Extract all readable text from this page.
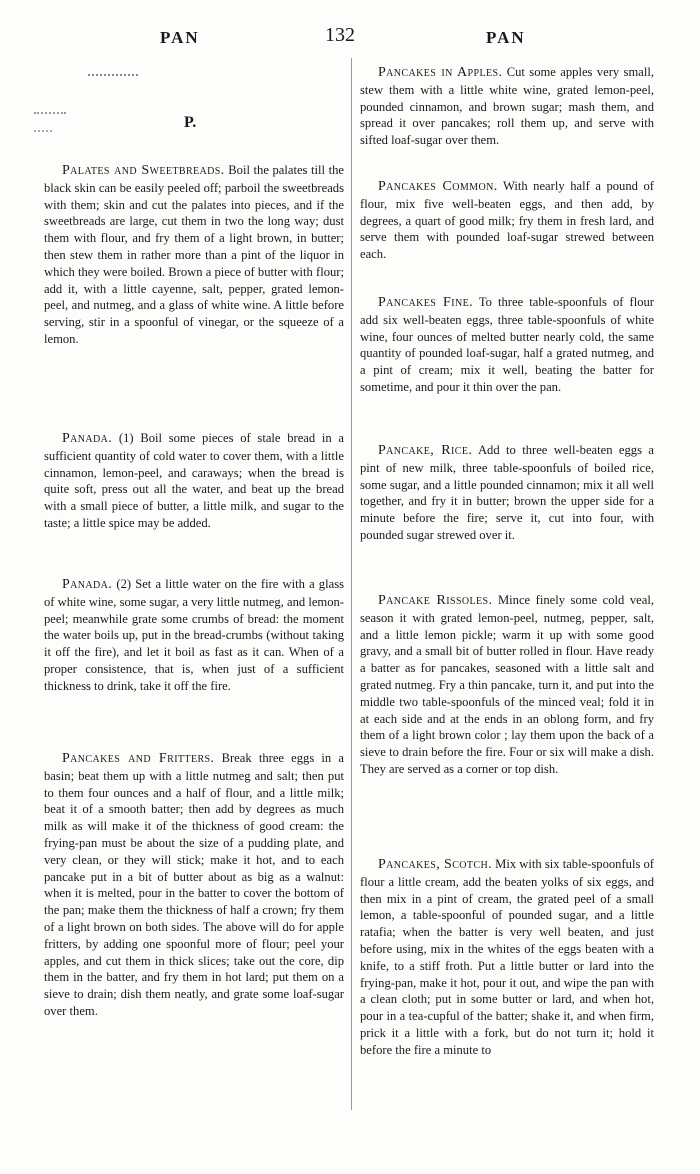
PAN	132	PAN
P.

Palates and Sweetbreads. Boil the palates till the black skin can be easily peeled off; parboil the sweetbreads with them; skin and cut the palates into pieces, and if the sweetbreads are large, cut them in two the long way; dust them with flour, and fry them of a light brown, in butter; then stew them in rather more than a pint of the liquor in which they were boiled. Brown a piece of butter with flour; add it, with a little cayenne, salt, pepper, grated lemon-peel, and nutmeg, and a glass of white wine. A little before serving, stir in a spoonful of vinegar, or the squeeze of a lemon.

Panada. (1) Boil some pieces of stale bread in a sufficient quantity of cold water to cover them, with a little cinnamon, lemon-peel, and caraways; when the bread is quite soft, press out all the water, and beat up the bread with a small piece of butter, a little milk, and sugar to the taste; a little spice may be added.

Panada. (2) Set a little water on the fire with a glass of white wine, some sugar, a very little nutmeg, and lemon-peel; meanwhile grate some crumbs of bread: the moment the water boils up, put in the bread-crumbs (without taking it off the fire), and let it boil as fast as it can. When of a proper consistence, that is, when just of a sufficient thickness to drink, take it off the fire.

Pancakes and Fritters. Break three eggs in a basin; beat them up with a little nutmeg and salt; then put to them four ounces and a half of flour, and a little milk; beat it of a smooth batter; then add by degrees as much milk as will make it of the thickness of good cream: the frying-pan must be about the size of a pudding plate, and very clean, or they will stick; make it hot, and to each pancake put in a bit of butter about as big as a walnut: when it is melted, pour in the batter to cover the bottom of the pan; make them the thickness of half a crown; fry them of a light brown on both sides. The above will do for apple fritters, by adding one spoonful more of flour; peel your apples, and cut them in thick slices; take out the core, dip them in the batter, and fry them in hot lard; put them on a sieve to drain; dish them neatly, and grate some loaf-sugar over them.

Pancakes in Apples. Cut some apples very small, stew them with a little white wine, grated lemon-peel, pounded cinnamon, and brown sugar; mash them, and spread it over pancakes; roll them up, and serve with sifted loaf-sugar over them.

Pancakes Common. With nearly half a pound of flour, mix five well-beaten eggs, and then add, by degrees, a quart of good milk; fry them in fresh lard, and serve them with pounded loaf-sugar strewed between each.

Pancakes Fine. To three table-spoonfuls of flour add six well-beaten eggs, three table-spoonfuls of white wine, four ounces of melted butter nearly cold, the same quantity of pounded loaf-sugar, half a grated nutmeg, and a pint of cream; mix it well, beating the batter for sometime, and pour it thin over the pan.

Pancake, Rice. Add to three well-beaten eggs a pint of new milk, three table-spoonfuls of boiled rice, some sugar, and a little pounded cinnamon; mix it all well together, and fry it in butter; brown the upper side for a minute before the fire; serve it, cut into four, with pounded sugar strewed over it.

Pancake Rissoles. Mince finely some cold veal, season it with grated lemon-peel, nutmeg, pepper, salt, and a little lemon pickle; warm it up with some good gravy, and a small bit of butter rolled in flour. Have ready a batter as for pancakes, seasoned with a little salt and grated nutmeg. Fry a thin pancake, turn it, and put into the middle two table-spoonfuls of the minced veal; fold it in at each side and at the ends in an oblong form, and fry them of a light brown color ; lay them upon the back of a sieve to drain before the fire. Four or six will make a dish. They are served as a corner or top dish.

Pancakes, Scotch. Mix with six table-spoonfuls of flour a little cream, add the beaten yolks of six eggs, and then mix in a pint of cream, the grated peel of a small lemon, a table-spoonful of pounded sugar, and a little ratafia; when the batter is very well beaten, and just before using, mix in the whites of the eggs beaten with a knife, to a stiff froth. Put a little butter or lard into the frying-pan, make it hot, pour it out, and wipe the pan with a clean cloth; put in some butter or lard, and when hot, pour in a tea-cupful of the batter; shake it, and when firm, prick it a little with a fork, but do not turn it; hold it before the fire a minute to
